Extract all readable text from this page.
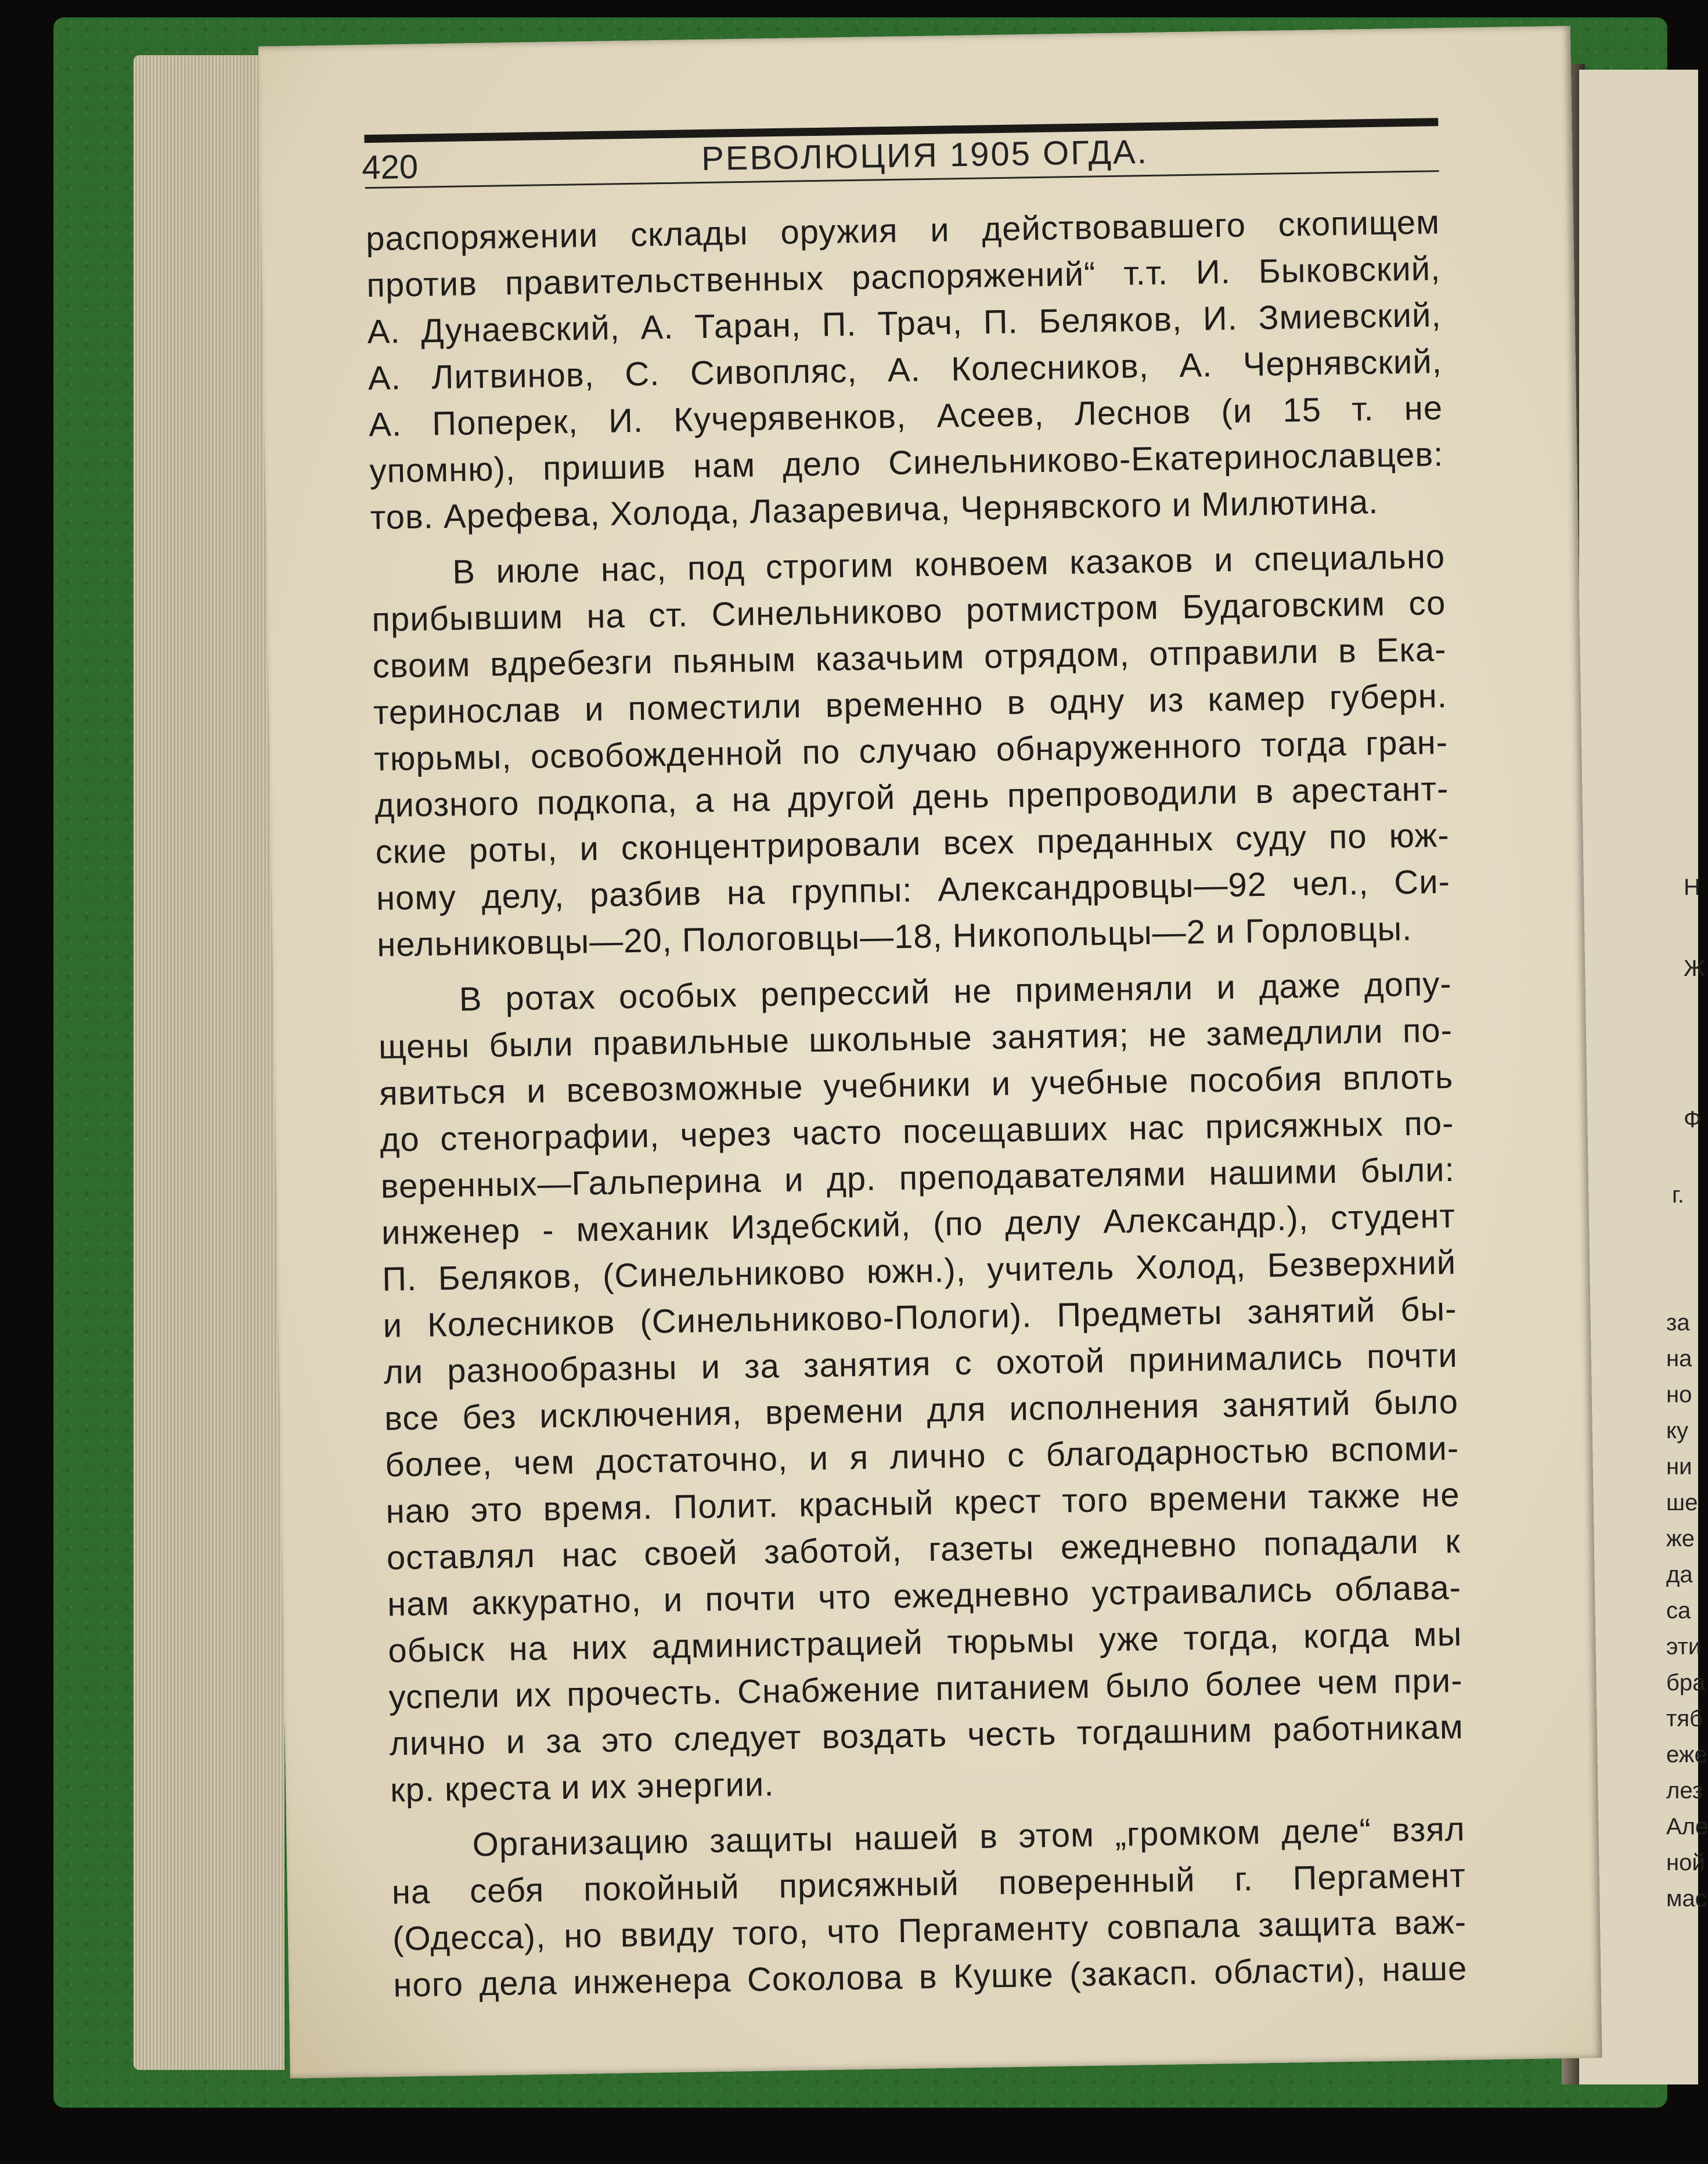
Н
Ж
Ф
г.
за
на
но
ку
ни
ше
же
да
са
эти
бра
тяб
еже
лез
Але
ной
мас
420	РЕВОЛЮЦИЯ 1905 ОГДА.
распоряжении склады оружия и действовавшего скопищем
против правительственных распоряжений“ т.т. И. Быковский,
А. Дунаевский, А. Таран, П. Трач, П. Беляков, И. Змиевский,
А. Литвинов, С. Сивопляс, А. Колесников, А. Чернявский,
А. Поперек, И. Кучерявенков, Асеев, Леснов (и 15 т. не
упомню), пришив нам дело Синельниково-Екатеринославцев:
тов. Арефева, Холода, Лазаревича, Чернявского и Милютина.
В июле нас, под строгим конвоем казаков и специально
прибывшим на ст. Синельниково ротмистром Будаговским со
своим вдребезги пьяным казачьим отрядом, отправили в Ека-
теринослав и поместили временно в одну из камер губерн.
тюрьмы, освобожденной по случаю обнаруженного тогда гран-
диозного подкопа, а на другой день препроводили в арестант-
ские роты, и сконцентрировали всех преданных суду по юж-
ному делу, разбив на группы: Александровцы—92 чел., Си-
нельниковцы—20, Пологовцы—18, Никопольцы—2 и Горловцы.
В ротах особых репрессий не применяли и даже допу-
щены были правильные школьные занятия; не замедлили по-
явиться и всевозможные учебники и учебные пособия вплоть
до стенографии, через часто посещавших нас присяжных по-
веренных—Гальперина и др. преподавателями нашими были:
инженер - механик Издебский, (по делу Александр.), студент
П. Беляков, (Синельниково южн.), учитель Холод, Безверхний
и Колесников (Синельниково-Пологи). Предметы занятий бы-
ли разнообразны и за занятия с охотой принимались почти
все без исключения, времени для исполнения занятий было
более, чем достаточно, и я лично с благодарностью вспоми-
наю это время. Полит. красный крест того времени также не
оставлял нас своей заботой, газеты ежедневно попадали к
нам аккуратно, и почти что ежедневно устраивались облава-
обыск на них администрацией тюрьмы уже тогда, когда мы
успели их прочесть. Снабжение питанием было более чем при-
лично и за это следует воздать честь тогдашним работникам
кр. креста и их энергии.
Организацию защиты нашей в этом „громком деле“ взял
на себя покойный присяжный поверенный г. Пергамент
(Одесса), но ввиду того, что Пергаменту совпала защита важ-
ного дела инженера Соколова в Кушке (закасп. области), наше
